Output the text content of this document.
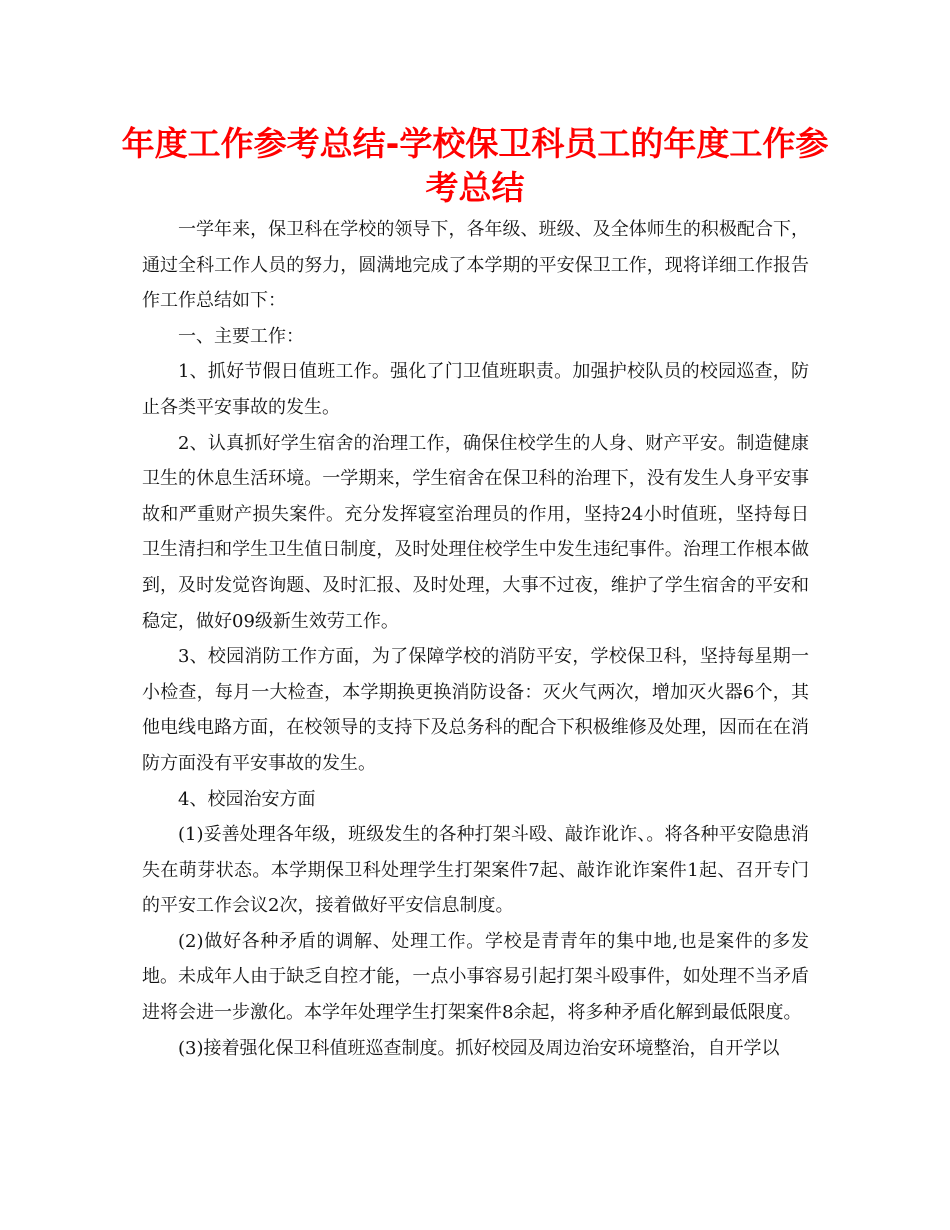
年度工作参考总结-学校保卫科员工的年度工作参考总结

一学年来，保卫科在学校的领导下，各年级、班级、及全体师生的积极配合下，通过全科工作人员的努力，圆满地完成了本学期的平安保卫工作，现将详细工作报告作工作总结如下：

一、主要工作：

1、抓好节假日值班工作。强化了门卫值班职责。加强护校队员的校园巡查，防止各类平安事故的发生。

2、认真抓好学生宿舍的治理工作，确保住校学生的人身、财产平安。制造健康卫生的休息生活环境。一学期来，学生宿舍在保卫科的治理下，没有发生人身平安事故和严重财产损失案件。充分发挥寝室治理员的作用，坚持24小时值班，坚持每日卫生清扫和学生卫生值日制度，及时处理住校学生中发生违纪事件。治理工作根本做到，及时发觉咨询题、及时汇报、及时处理，大事不过夜，维护了学生宿舍的平安和稳定，做好09级新生效劳工作。

3、校园消防工作方面，为了保障学校的消防平安，学校保卫科，坚持每星期一小检查，每月一大检查，本学期换更换消防设备：灭火气两次，增加灭火器6个，其他电线电路方面，在校领导的支持下及总务科的配合下积极维修及处理，因而在在消防方面没有平安事故的发生。

4、校园治安方面

(1)妥善处理各年级，班级发生的各种打架斗殴、敲诈讹诈、。将各种平安隐患消失在萌芽状态。本学期保卫科处理学生打架案件7起、敲诈讹诈案件1起、召开专门的平安工作会议2次，接着做好平安信息制度。

(2)做好各种矛盾的调解、处理工作。学校是青青年的集中地,也是案件的多发地。未成年人由于缺乏自控才能，一点小事容易引起打架斗殴事件，如处理不当矛盾进将会进一步激化。本学年处理学生打架案件8余起，将多种矛盾化解到最低限度。

(3)接着强化保卫科值班巡查制度。抓好校园及周边治安环境整治，自开学以
